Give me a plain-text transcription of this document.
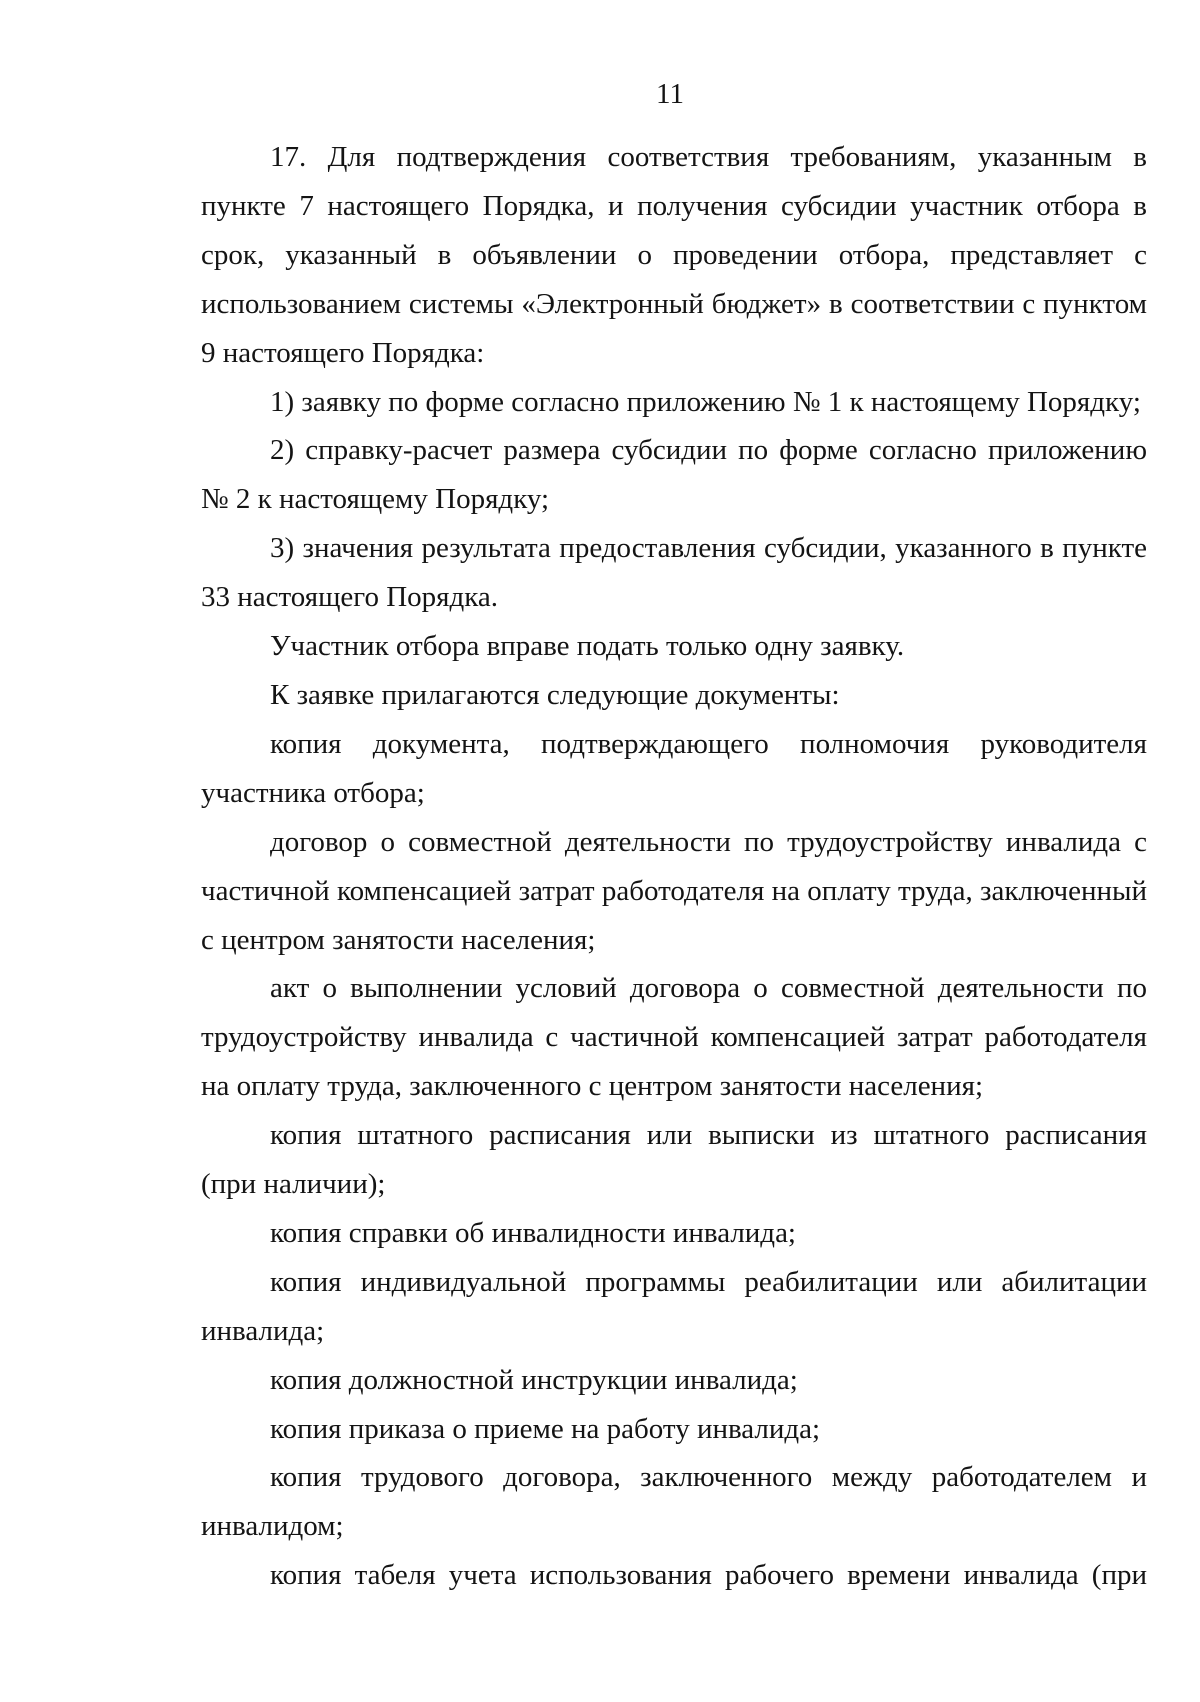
11

17. Для подтверждения соответствия требованиям, указанным в пункте 7 настоящего Порядка, и получения субсидии участник отбора в срок, указанный в объявлении о проведении отбора, представляет с использованием системы «Электронный бюджет» в соответствии с пунктом 9 настоящего Порядка:

1) заявку по форме согласно приложению № 1 к настоящему Порядку;

2) справку-расчет размера субсидии по форме согласно приложению № 2 к настоящему Порядку;

3) значения результата предоставления субсидии, указанного в пункте 33 настоящего Порядка.

Участник отбора вправе подать только одну заявку.

К заявке прилагаются следующие документы:

копия документа, подтверждающего полномочия руководителя участника отбора;

договор о совместной деятельности по трудоустройству инвалида с частичной компенсацией затрат работодателя на оплату труда, заключенный с центром занятости населения;

акт о выполнении условий договора о совместной деятельности по трудоустройству инвалида с частичной компенсацией затрат работодателя на оплату труда, заключенного с центром занятости населения;

копия штатного расписания или выписки из штатного расписания (при наличии);

копия справки об инвалидности инвалида;

копия индивидуальной программы реабилитации или абилитации инвалида;

копия должностной инструкции инвалида;

копия приказа о приеме на работу инвалида;

копия трудового договора, заключенного между работодателем и инвалидом;

копия табеля учета использования рабочего времени инвалида (при
